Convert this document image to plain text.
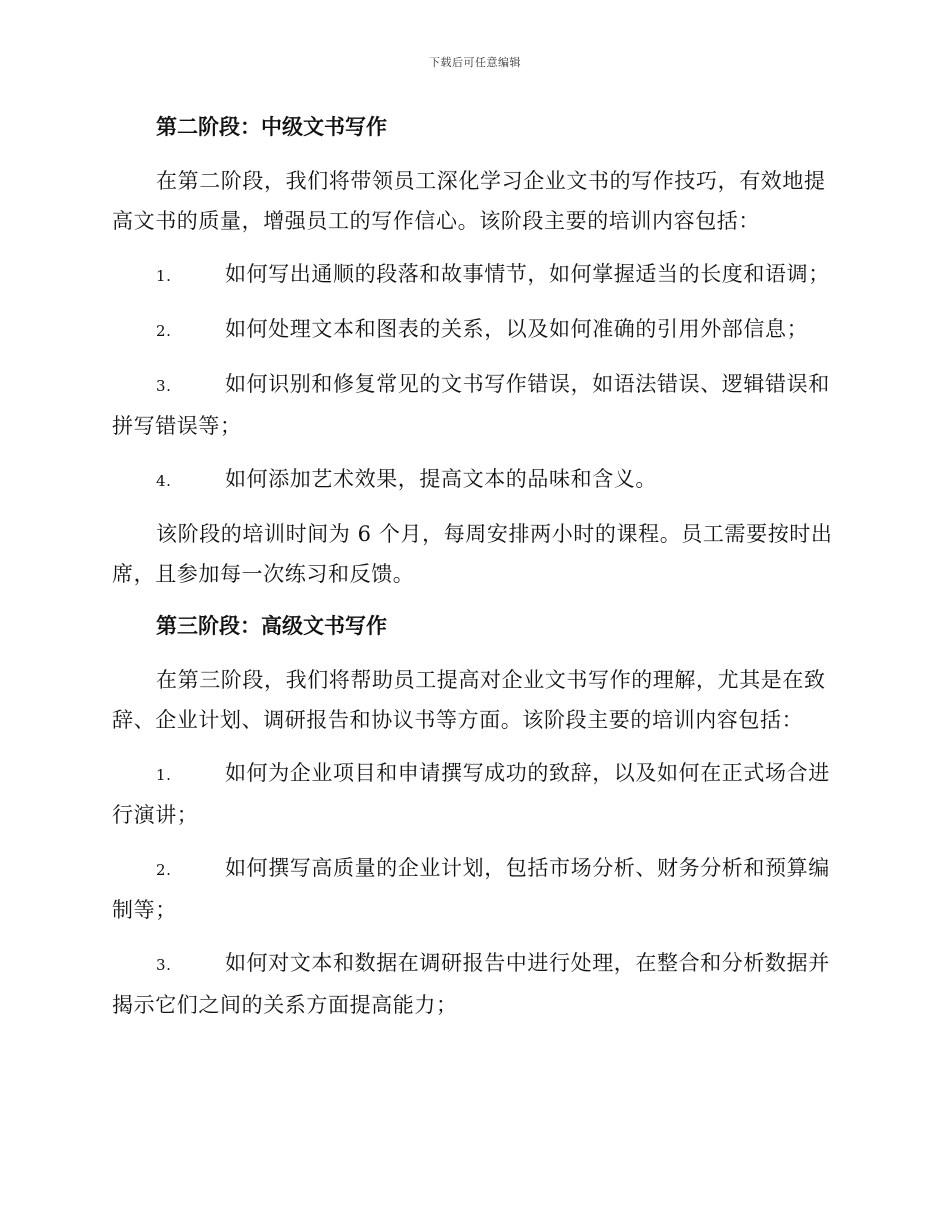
下载后可任意编辑
第二阶段：中级文书写作
在第二阶段，我们将带领员工深化学习企业文书的写作技巧，有效地提高文书的质量，增强员工的写作信心。该阶段主要的培训内容包括：
1.	如何写出通顺的段落和故事情节，如何掌握适当的长度和语调；
2.	如何处理文本和图表的关系，以及如何准确的引用外部信息；
3.	如何识别和修复常见的文书写作错误，如语法错误、逻辑错误和拼写错误等；
4.	如何添加艺术效果，提高文本的品味和含义。
该阶段的培训时间为 6 个月，每周安排两小时的课程。员工需要按时出席，且参加每一次练习和反馈。
第三阶段：高级文书写作
在第三阶段，我们将帮助员工提高对企业文书写作的理解，尤其是在致辞、企业计划、调研报告和协议书等方面。该阶段主要的培训内容包括：
1.	如何为企业项目和申请撰写成功的致辞，以及如何在正式场合进行演讲；
2.	如何撰写高质量的企业计划，包括市场分析、财务分析和预算编制等；
3.	如何对文本和数据在调研报告中进行处理，在整合和分析数据并揭示它们之间的关系方面提高能力；
